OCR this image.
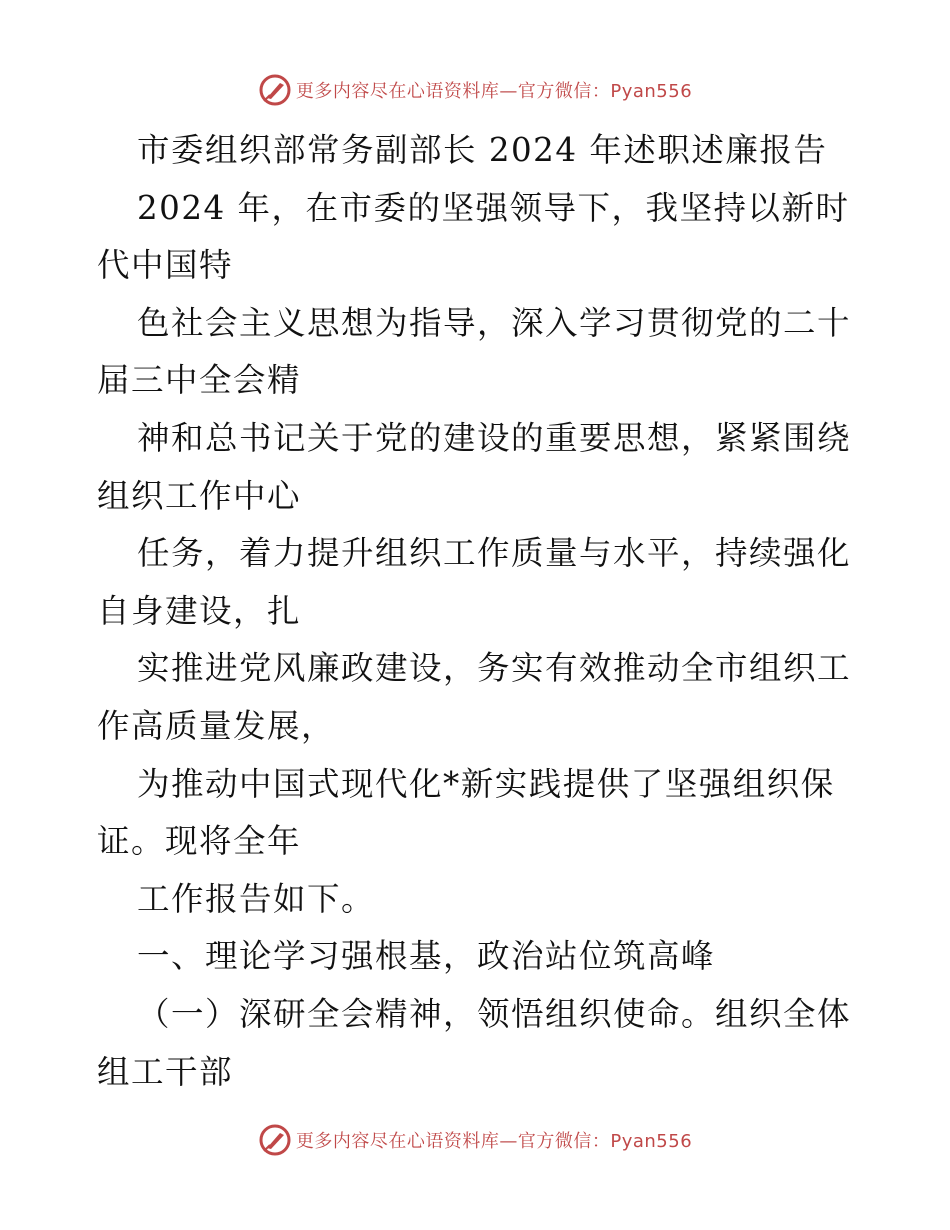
更多内容尽在心语资料库—官方微信：Pyan556
市委组织部常务副部长 2024 年述职述廉报告
2024 年，在市委的坚强领导下，我坚持以新时
代中国特
色社会主义思想为指导，深入学习贯彻党的二十
届三中全会精
神和总书记关于党的建设的重要思想，紧紧围绕
组织工作中心
任务，着力提升组织工作质量与水平，持续强化
自身建设，扎
实推进党风廉政建设，务实有效推动全市组织工
作高质量发展，
为推动中国式现代化*新实践提供了坚强组织保
证。现将全年
工作报告如下。
一、理论学习强根基，政治站位筑高峰
（一）深研全会精神，领悟组织使命。组织全体
组工干部
更多内容尽在心语资料库—官方微信：Pyan556
